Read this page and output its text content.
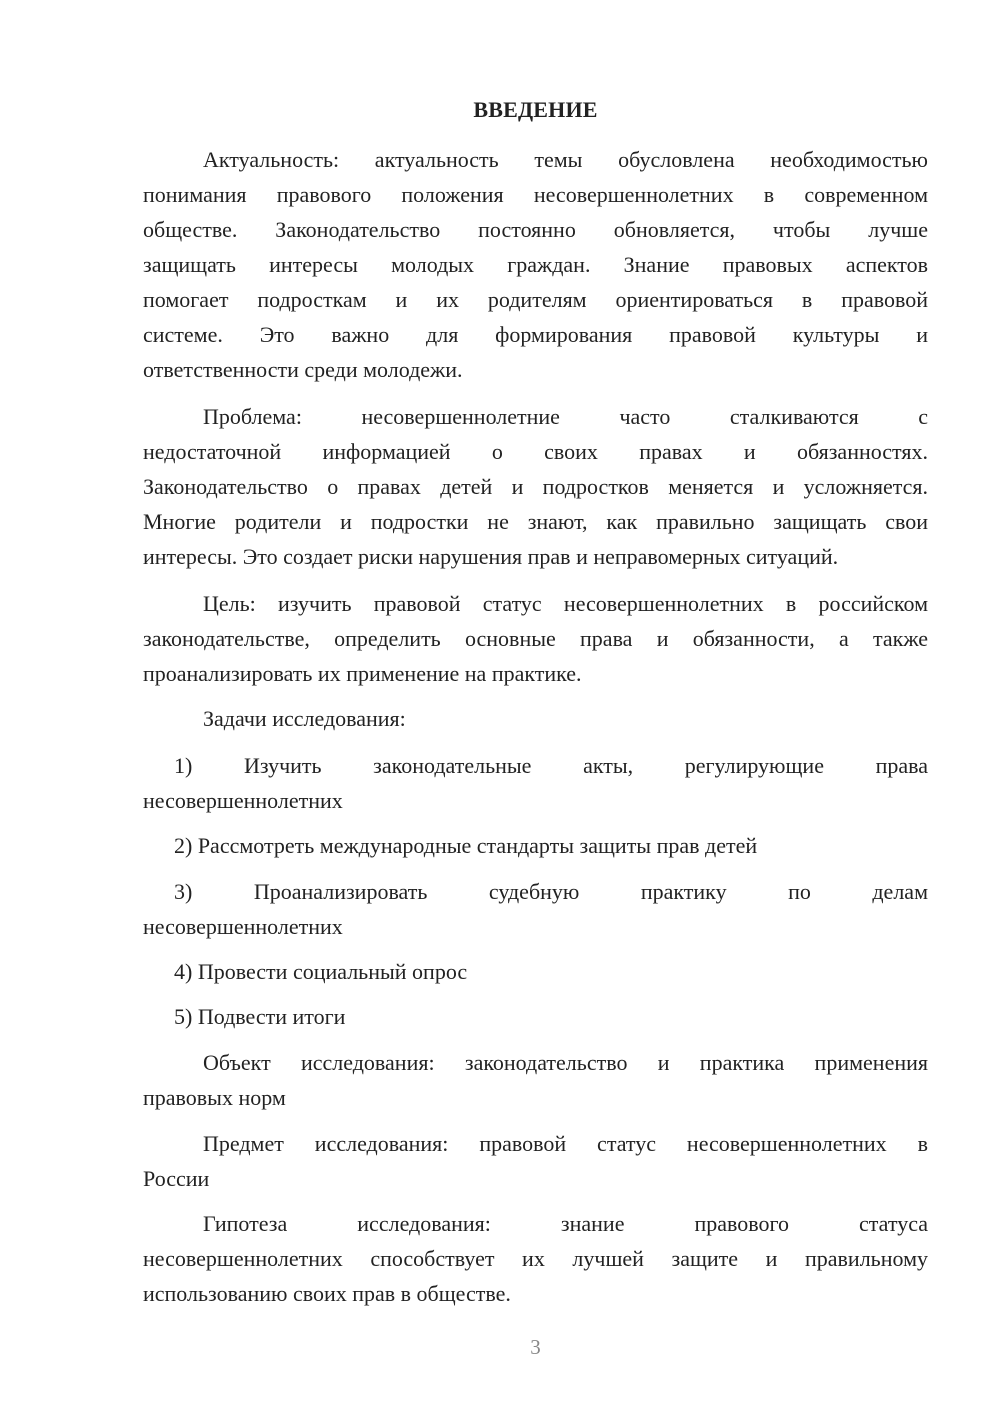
ВВЕДЕНИЕ
Актуальность: актуальность темы обусловлена необходимостью
понимания правового положения несовершеннолетних в современном
обществе. Законодательство постоянно обновляется, чтобы лучше
защищать интересы молодых граждан. Знание правовых аспектов
помогает подросткам и их родителям ориентироваться в правовой
системе. Это важно для формирования правовой культуры и
ответственности среди молодежи.
Проблема: несовершеннолетние часто сталкиваются с
недостаточной информацией о своих правах и обязанностях.
Законодательство о правах детей и подростков меняется и усложняется.
Многие родители и подростки не знают, как правильно защищать свои
интересы. Это создает риски нарушения прав и неправомерных ситуаций.
Цель: изучить правовой статус несовершеннолетних в российском
законодательстве, определить основные права и обязанности, а также
проанализировать их применение на практике.
Задачи исследования:
1) Изучить законодательные акты, регулирующие права
несовершеннолетних
2) Рассмотреть международные стандарты защиты прав детей
3) Проанализировать судебную практику по делам
несовершеннолетних
4) Провести социальный опрос
5) Подвести итоги
Объект исследования: законодательство и практика применения
правовых норм
Предмет исследования: правовой статус несовершеннолетних в
России
Гипотеза исследования: знание правового статуса
несовершеннолетних способствует их лучшей защите и правильному
использованию своих прав в обществе.
3
